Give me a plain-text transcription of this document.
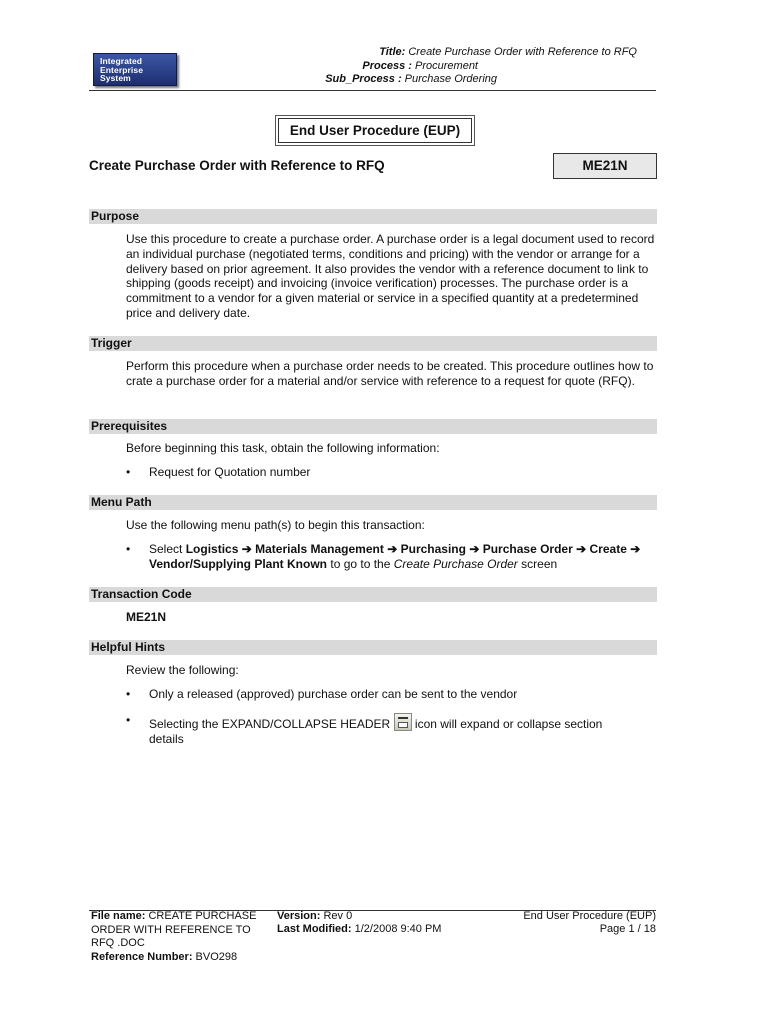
Integrated
Enterprise
System
Title: Create Purchase Order with Reference to RFQ
Process : Procurement
Sub_Process : Purchase Ordering
End User Procedure (EUP)
Create Purchase Order with Reference to RFQ	ME21N
Purpose
Use this procedure to create a purchase order. A purchase order is a legal document used to record an individual purchase (negotiated terms, conditions and pricing) with the vendor or arrange for a delivery based on prior agreement. It also provides the vendor with a reference document to link to shipping (goods receipt) and invoicing (invoice verification) processes. The purchase order is a commitment to a vendor for a given material or service in a specified quantity at a predetermined price and delivery date.
Trigger
Perform this procedure when a purchase order needs to be created. This procedure outlines how to crate a purchase order for a material and/or service with reference to a request for quote (RFQ).
Prerequisites
Before beginning this task, obtain the following information:
• Request for Quotation number
Menu Path
Use the following menu path(s) to begin this transaction:
• Select Logistics ➔ Materials Management ➔ Purchasing ➔ Purchase Order ➔ Create ➔ Vendor/Supplying Plant Known to go to the Create Purchase Order screen
Transaction Code
ME21N
Helpful Hints
Review the following:
• Only a released (approved) purchase order can be sent to the vendor
• Selecting the EXPAND/COLLAPSE HEADER icon will expand or collapse section details
File name: CREATE PURCHASE ORDER WITH REFERENCE TO RFQ .DOC
Reference Number: BVO298
Version: Rev 0
Last Modified: 1/2/2008 9:40 PM
End User Procedure (EUP)
Page 1 / 18
